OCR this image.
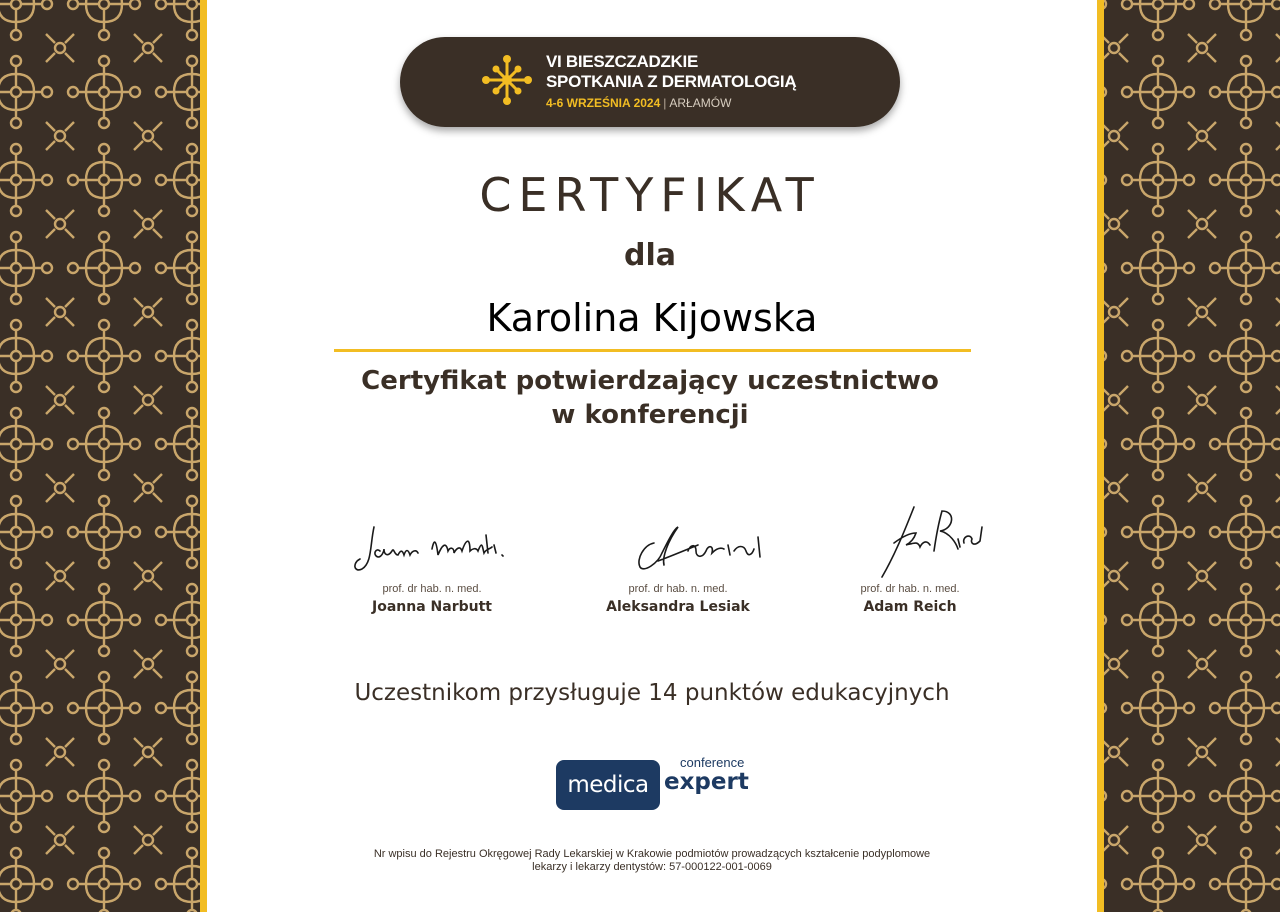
VI BIESZCZADZKIE
SPOTKANIA Z DERMATOLOGIĄ
4-6 WRZEŚNIA 2024 | ARŁAMÓW
CERTYFIKAT
dla
Karolina Kijowska
Certyfikat potwierdzający uczestnictwo
w konferencji
prof. dr hab. n. med.
Joanna Narbutt
prof. dr hab. n. med.
Aleksandra Lesiak
prof. dr hab. n. med.
Adam Reich
Uczestnikom przysługuje 14 punktów edukacyjnych
medica
conference
expert
Nr wpisu do Rejestru Okręgowej Rady Lekarskiej w Krakowie podmiotów prowadzących kształcenie podyplomowe
lekarzy i lekarzy dentystów: 57-000122-001-0069
